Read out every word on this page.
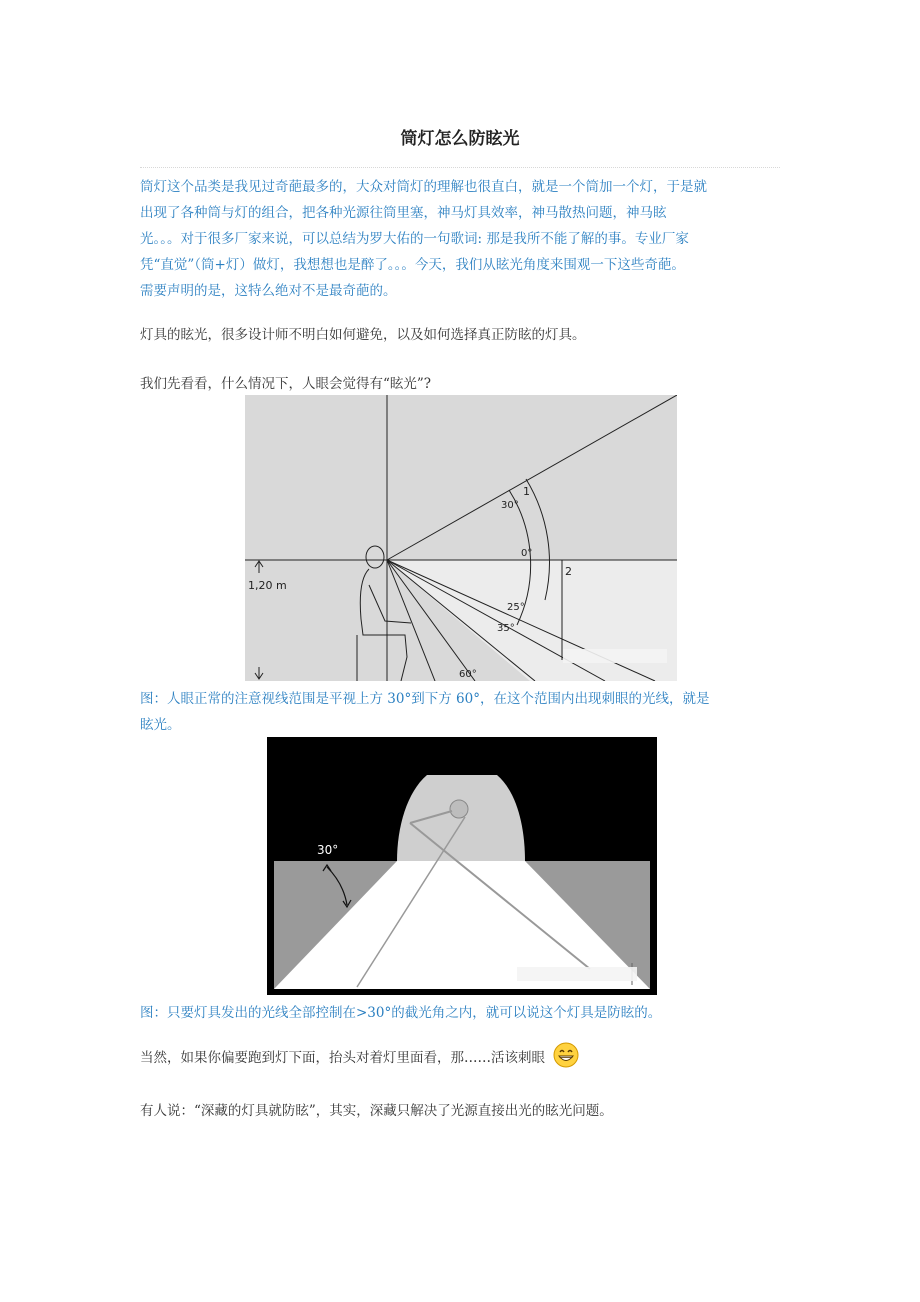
筒灯怎么防眩光
筒灯这个品类是我见过奇葩最多的，大众对筒灯的理解也很直白，就是一个筒加一个灯，于是就
出现了各种筒与灯的组合，把各种光源往筒里塞，神马灯具效率，神马散热问题，神马眩
光。。。对于很多厂家来说，可以总结为罗大佑的一句歌词: 那是我所不能了解的事。专业厂家
凭“直觉”（筒+灯）做灯，我想想也是醉了。。。今天，我们从眩光角度来围观一下这些奇葩。
需要声明的是，这特么绝对不是最奇葩的。
灯具的眩光，很多设计师不明白如何避免，以及如何选择真正防眩的灯具。
我们先看看，什么情况下，人眼会觉得有“眩光”?
1,20 m
30°
0°
25°
35°
60°
1
2
图：人眼正常的注意视线范围是平视上方 30°到下方 60°，在这个范围内出现刺眼的光线，就是
眩光。
30°
图：只要灯具发出的光线全部控制在>30°的截光角之内，就可以说这个灯具是防眩的。
当然，如果你偏要跑到灯下面，抬头对着灯里面看，那……活该刺眼
有人说：“深藏的灯具就防眩”，其实，深藏只解决了光源直接出光的眩光问题。
